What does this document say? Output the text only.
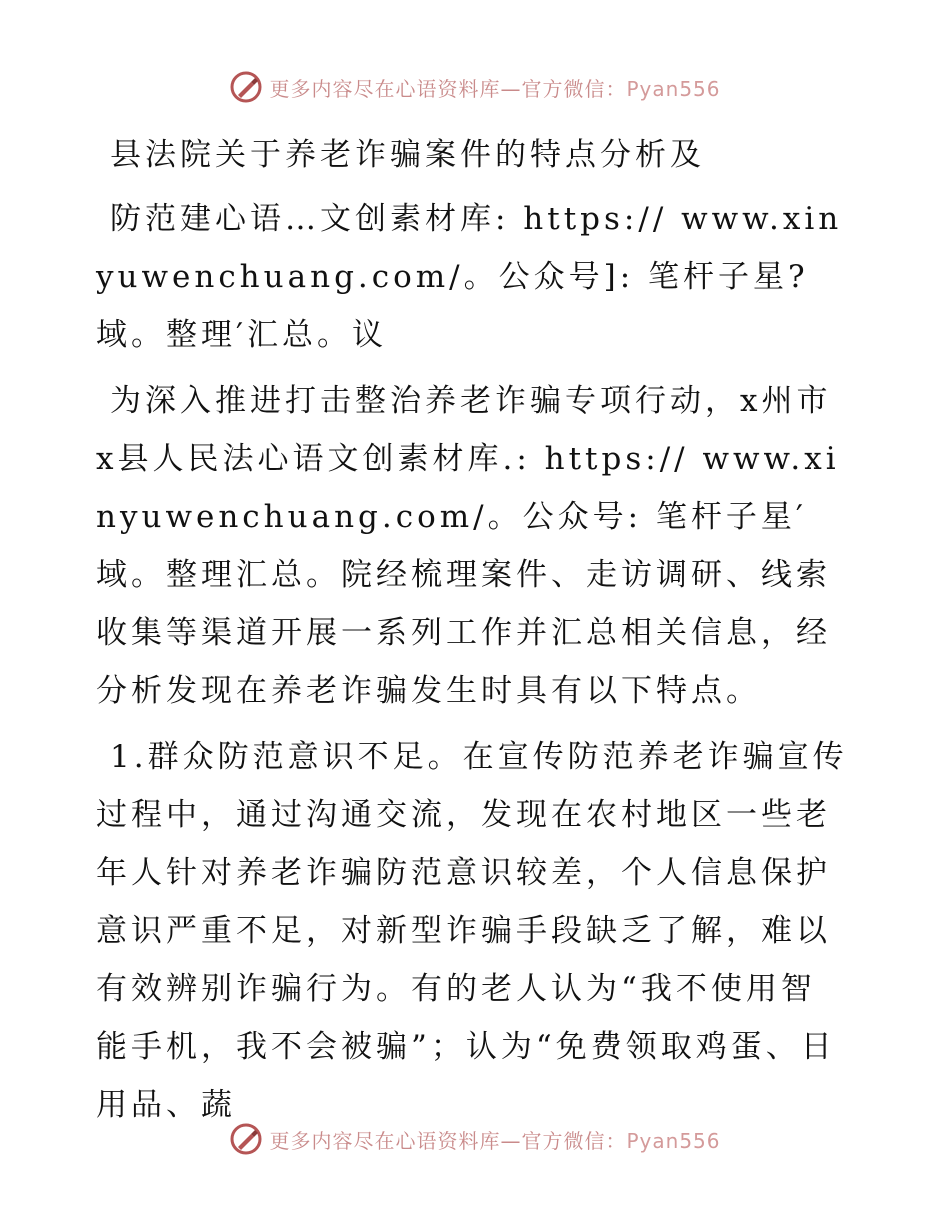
更多内容尽在心语资料库—官方微信：Pyan556

县法院关于养老诈骗案件的特点分析及

防范建心语…文创素材库: https:// www.xinyuwenchuang.com/。公众号]: 笔杆子星?域。整理′汇总。议

为深入推进打击整治养老诈骗专项行动，x州市x县人民法心语文创素材库.: https:// www.xinyuwenchuang.com/。公众号: 笔杆子星′域。整理汇总。院经梳理案件、走访调研、线索收集等渠道开展一系列工作并汇总相关信息，经分析发现在养老诈骗发生时具有以下特点。

1.群众防范意识不足。在宣传防范养老诈骗宣传过程中，通过沟通交流，发现在农村地区一些老年人针对养老诈骗防范意识较差，个人信息保护意识严重不足，对新型诈骗手段缺乏了解，难以有效辨别诈骗行为。有的老人认为“我不使用智能手机，我不会被骗”；认为“免费领取鸡蛋、日用品、蔬

更多内容尽在心语资料库—官方微信：Pyan556
